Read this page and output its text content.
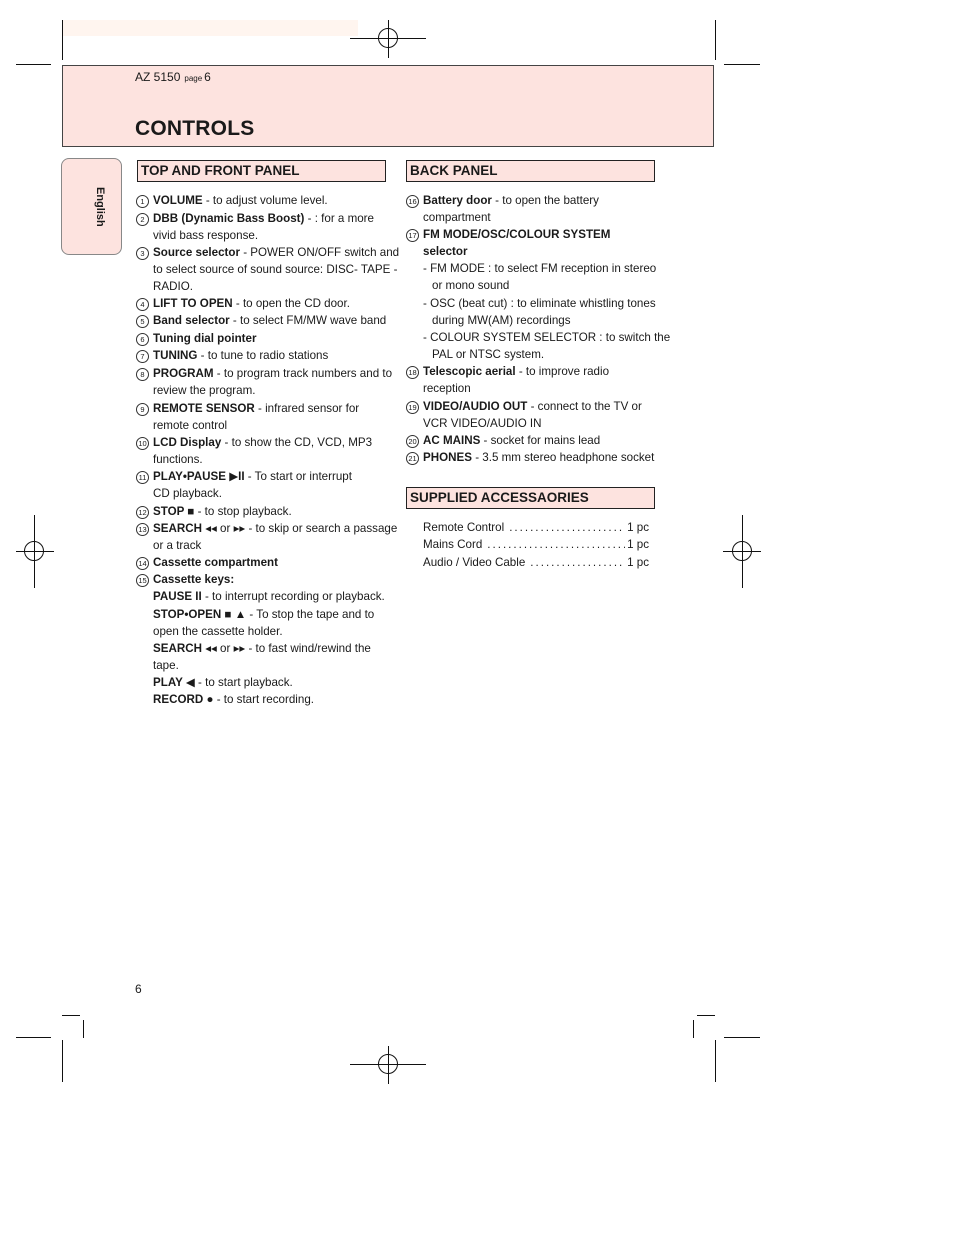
AZ 5150 page 6
CONTROLS
English
TOP AND FRONT PANEL
1 VOLUME - to adjust volume level.
2 DBB (Dynamic Bass Boost) - : for a more
vivid bass response.
3 Source selector - POWER ON/OFF switch and
to select source of sound source: DISC- TAPE -
RADIO.
4 LIFT TO OPEN - to open the CD door.
5 Band selector - to select FM/MW wave band
6 Tuning dial pointer
7 TUNING - to tune to radio stations
8 PROGRAM - to program track numbers and to
review the program.
9 REMOTE SENSOR - infrared sensor for
remote control
10 LCD Display - to show the CD, VCD, MP3
functions.
11 PLAY•PAUSE ▶II - To start or interrupt
CD playback.
12 STOP ■ - to stop playback.
13 SEARCH ◂◂ or ▸▸ - to skip or search a passage
or a track
14 Cassette compartment
15 Cassette keys:
PAUSE II - to interrupt recording or playback.
STOP•OPEN ■ ▲ - To stop the tape and to
open the cassette holder.
SEARCH ◂◂ or ▸▸ - to fast wind/rewind the
tape.
PLAY ◀ - to start playback.
RECORD ● - to start recording.
BACK PANEL
16 Battery door - to open the battery
compartment
17 FM MODE/OSC/COLOUR SYSTEM
selector
- FM MODE : to select FM reception in stereo
or mono sound
- OSC (beat cut) : to eliminate whistling tones
during MW(AM) recordings
- COLOUR SYSTEM SELECTOR : to switch the
PAL or NTSC system.
18 Telescopic aerial - to improve radio
reception
19 VIDEO/AUDIO OUT - connect to the TV or
VCR VIDEO/AUDIO IN
20 AC MAINS - socket for mains lead
21 PHONES - 3.5 mm stereo headphone socket
SUPPLIED ACCESSAORIES
Remote Control .....	1 pc
Mains Cord .....	1 pc
Audio / Video Cable .....	1 pc
6
